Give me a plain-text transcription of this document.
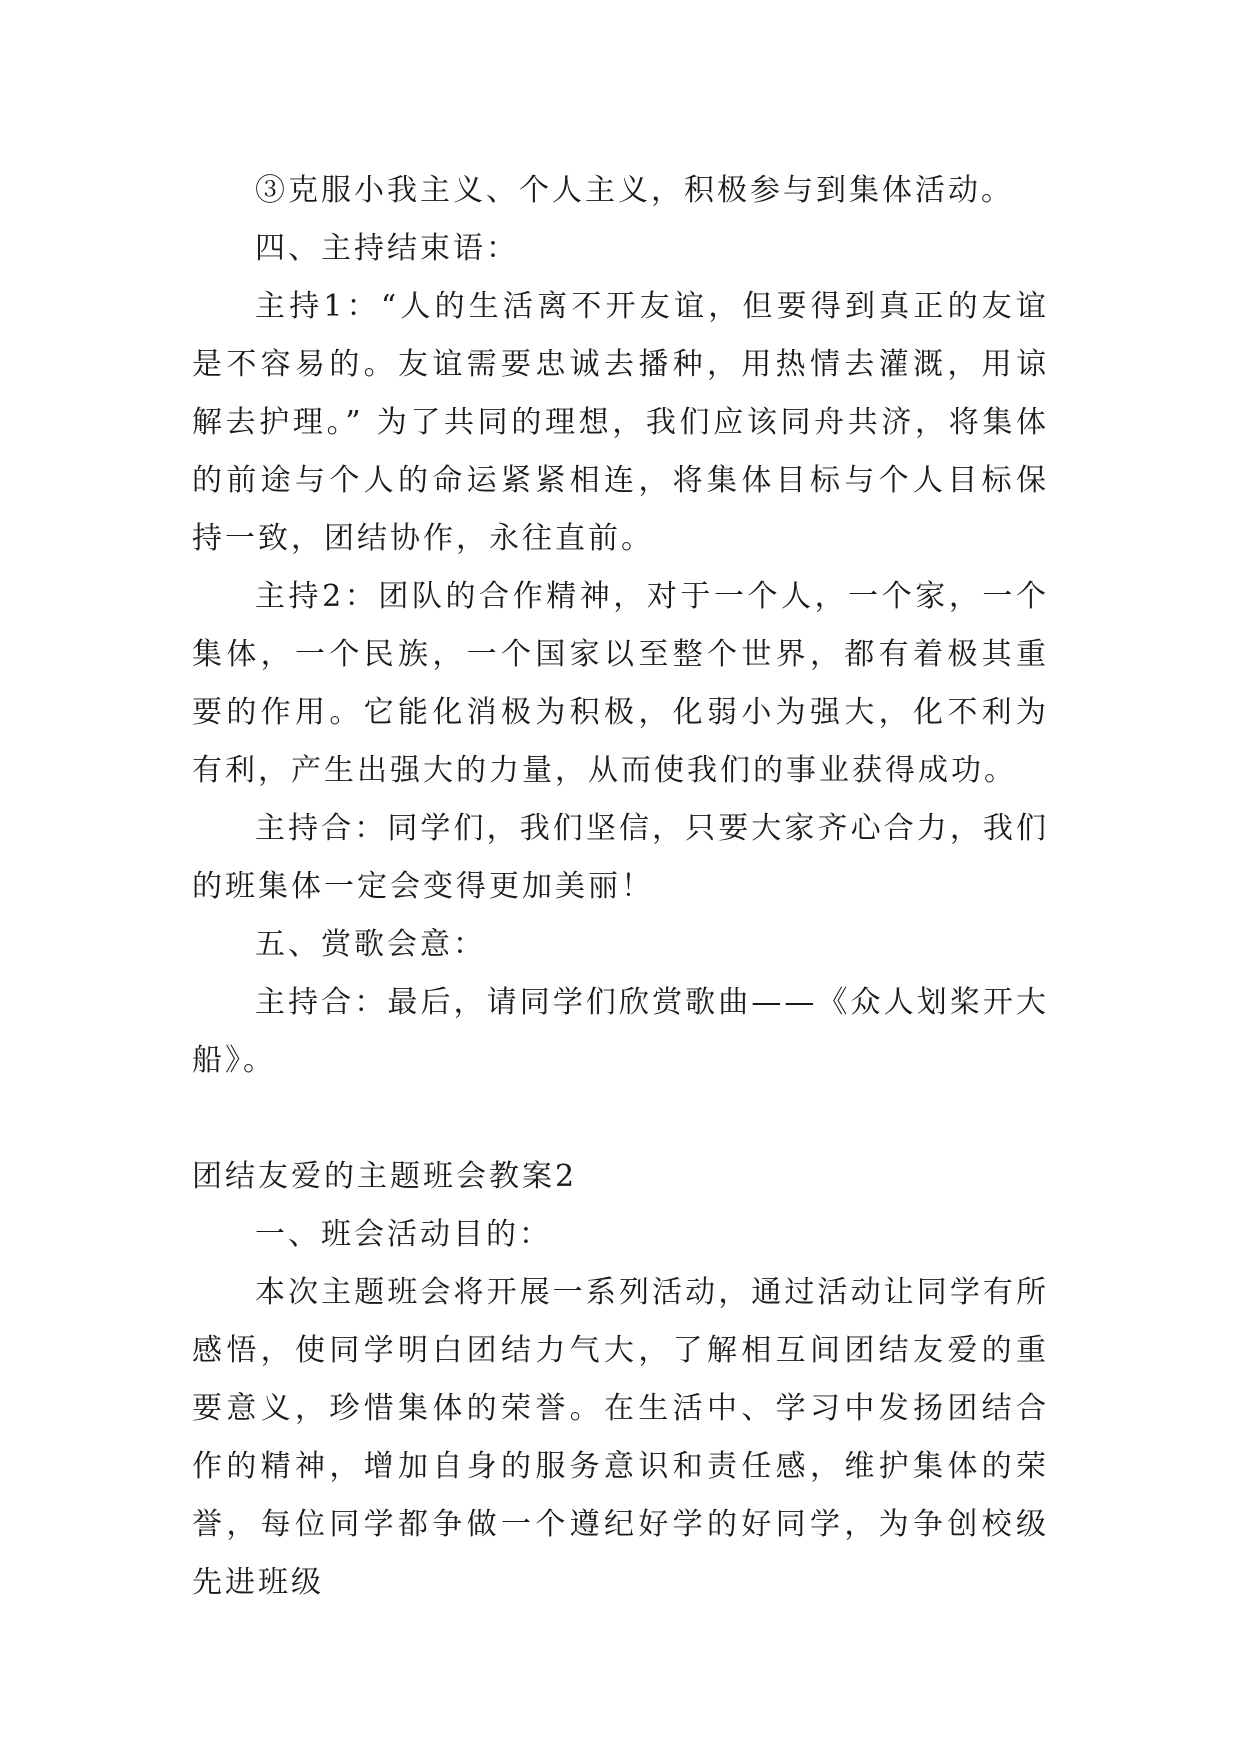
③克服小我主义、个人主义，积极参与到集体活动。

四、主持结束语：

主持1：“人的生活离不开友谊，但要得到真正的友谊是不容易的。友谊需要忠诚去播种，用热情去灌溉，用谅解去护理。” 为了共同的理想，我们应该同舟共济，将集体的前途与个人的命运紧紧相连，将集体目标与个人目标保持一致，团结协作，永往直前。

主持2：团队的合作精神，对于一个人，一个家，一个集体，一个民族，一个国家以至整个世界，都有着极其重要的作用。它能化消极为积极，化弱小为强大，化不利为有利，产生出强大的力量，从而使我们的事业获得成功。

主持合：同学们，我们坚信，只要大家齐心合力，我们的班集体一定会变得更加美丽！

五、赏歌会意：

主持合：最后，请同学们欣赏歌曲——《众人划桨开大船》。

团结友爱的主题班会教案2

一、班会活动目的：

本次主题班会将开展一系列活动，通过活动让同学有所感悟，使同学明白团结力气大，了解相互间团结友爱的重要意义，珍惜集体的荣誉。在生活中、学习中发扬团结合作的精神，增加自身的服务意识和责任感，维护集体的荣誉，每位同学都争做一个遵纪好学的好同学，为争创校级先进班级
